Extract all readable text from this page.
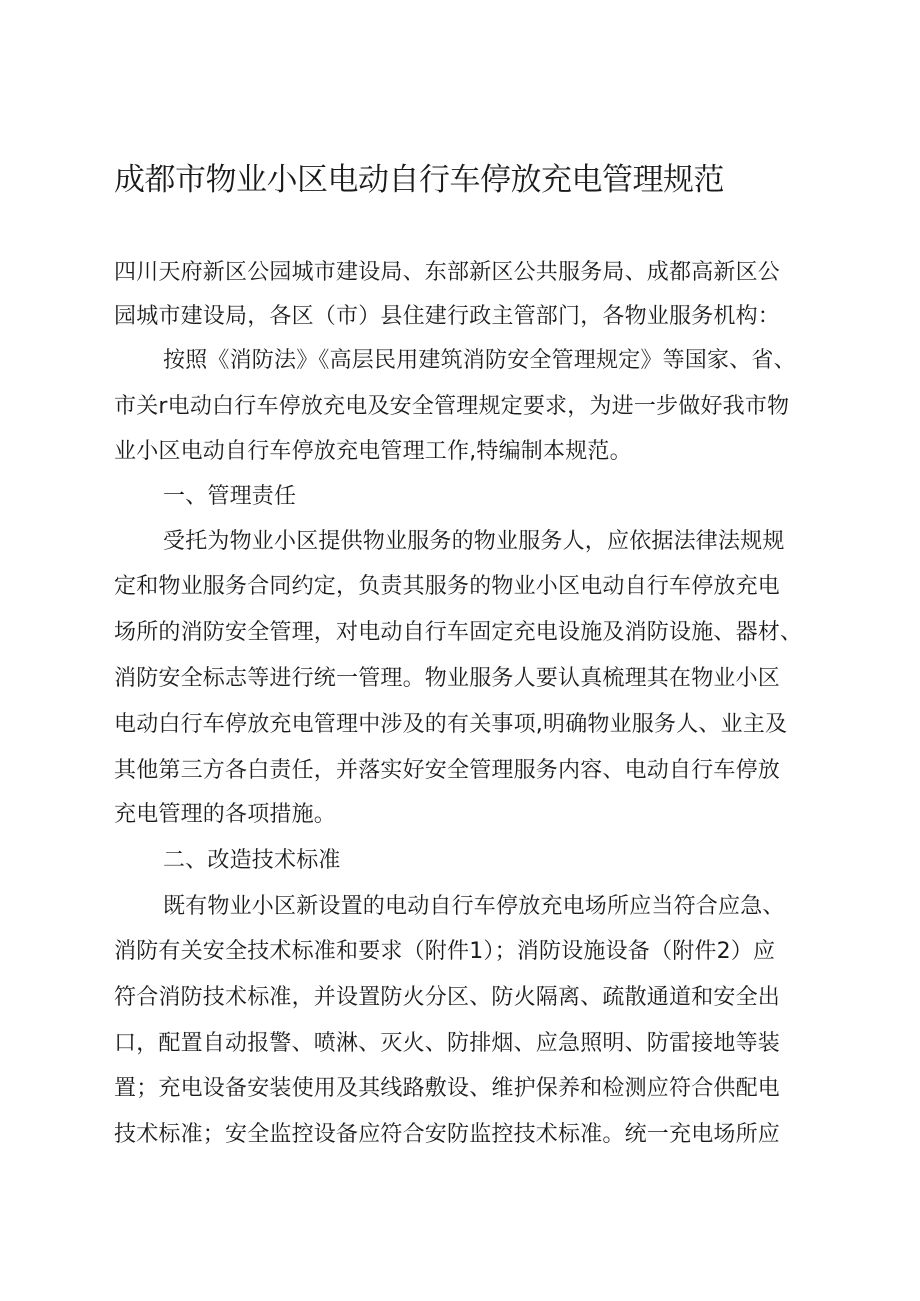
成都市物业小区电动自行车停放充电管理规范

四川天府新区公园城市建设局、东部新区公共服务局、成都高新区公

园城市建设局，各区（市）县住建行政主管部门，各物业服务机构：

按照《消防法》《高层民用建筑消防安全管理规定》等国家、省、

市关r电动白行车停放充电及安全管理规定要求，为进一步做好我市物

业小区电动自行车停放充电管理工作,特编制本规范。

一、管理责任

受托为物业小区提供物业服务的物业服务人，应依据法律法规规

定和物业服务合同约定，负责其服务的物业小区电动自行车停放充电

场所的消防安全管理，对电动自行车固定充电设施及消防设施、器材、

消防安全标志等进行统一管理。物业服务人要认真梳理其在物业小区

电动白行车停放充电管理中涉及的有关事项,明确物业服务人、业主及

其他第三方各白责任，并落实好安全管理服务内容、电动自行车停放

充电管理的各项措施。

二、改造技术标准

既有物业小区新设置的电动自行车停放充电场所应当符合应急、

消防有关安全技术标准和要求（附件1）；消防设施设备（附件2）应

符合消防技术标准，并设置防火分区、防火隔离、疏散通道和安全出

口，配置自动报警、喷淋、灭火、防排烟、应急照明、防雷接地等装

置；充电设备安装使用及其线路敷设、维护保养和检测应符合供配电

技术标准；安全监控设备应符合安防监控技术标准。统一充电场所应
